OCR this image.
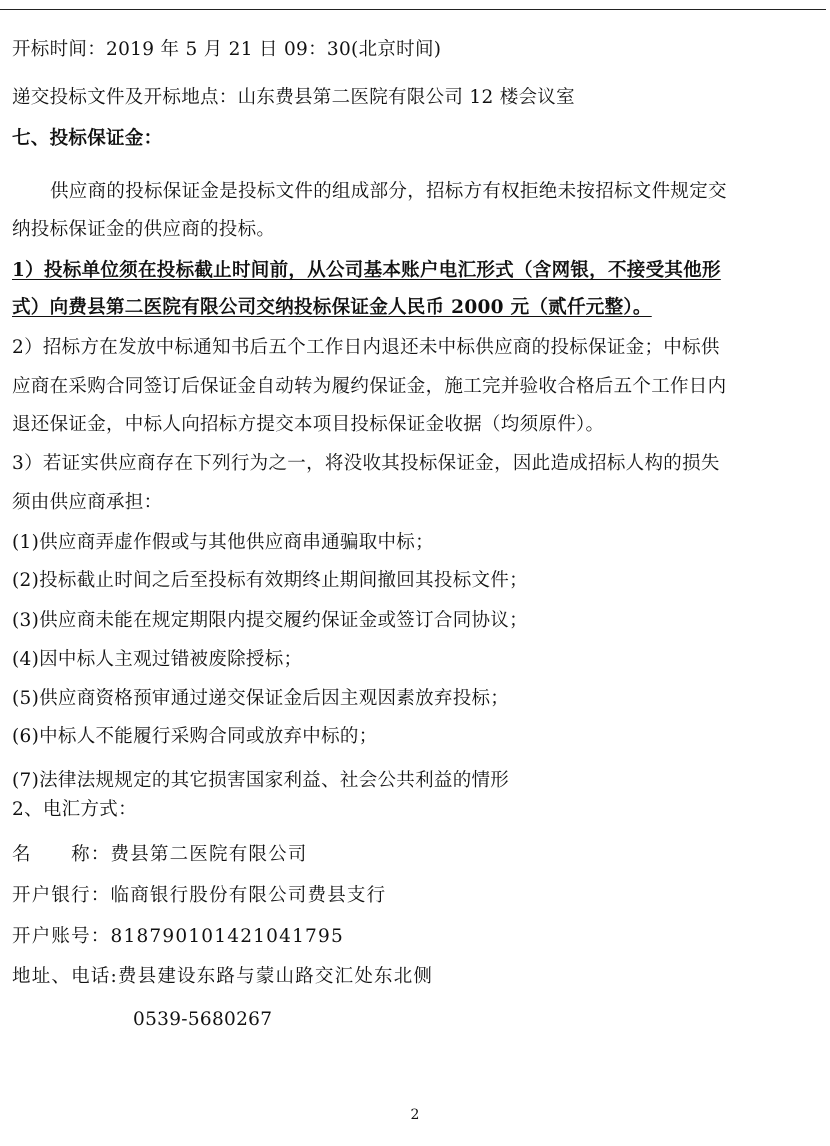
开标时间：2019 年 5 月 21 日 09：30(北京时间)
递交投标文件及开标地点：山东费县第二医院有限公司 12 楼会议室
七、投标保证金：
供应商的投标保证金是投标文件的组成部分，招标方有权拒绝未按招标文件规定交
纳投标保证金的供应商的投标。
1）投标单位须在投标截止时间前，从公司基本账户电汇形式（含网银，不接受其他形
式）向费县第二医院有限公司交纳投标保证金人民币 2000 元（贰仟元整）。
2）招标方在发放中标通知书后五个工作日内退还未中标供应商的投标保证金；中标供
应商在采购合同签订后保证金自动转为履约保证金，施工完并验收合格后五个工作日内
退还保证金，中标人向招标方提交本项目投标保证金收据（均须原件）。
3）若证实供应商存在下列行为之一，将没收其投标保证金，因此造成招标人构的损失
须由供应商承担：
(1)供应商弄虚作假或与其他供应商串通骗取中标；
(2)投标截止时间之后至投标有效期终止期间撤回其投标文件；
(3)供应商未能在规定期限内提交履约保证金或签订合同协议；
(4)因中标人主观过错被废除授标；
(5)供应商资格预审通过递交保证金后因主观因素放弃投标；
(6)中标人不能履行采购合同或放弃中标的；
(7)法律法规规定的其它损害国家利益、社会公共利益的情形
2、电汇方式：
名　　称：费县第二医院有限公司
开户银行：临商银行股份有限公司费县支行
开户账号：818790101421041795
地址、电话:费县建设东路与蒙山路交汇处东北侧
0539-5680267
2
